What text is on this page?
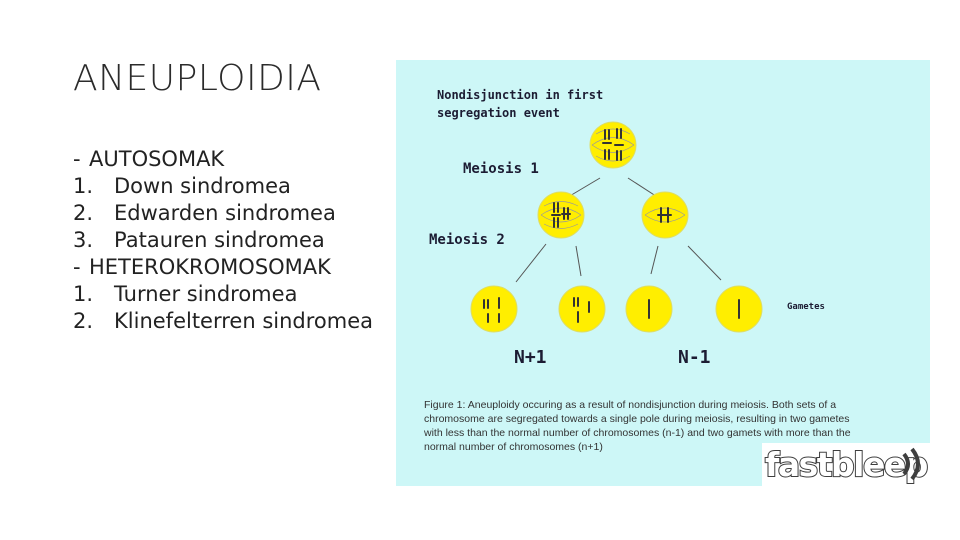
ANEUPLOIDIA
- AUTOSOMAK
1. Down sindromea
2. Edwarden sindromea
3. Patauren sindromea
- HETEROKROMOSOMAK
1. Turner sindromea
2. Klinefelterren sindromea
Nondisjunction in first
segregation event
Meiosis 1
Meiosis 2
Gametes
N+1	N-1
Figure 1: Aneuploidy occuring as a result of nondisjunction during meiosis. Both sets of a chromosome are segregated towards a single pole during meiosis, resulting in two gametes with less than the normal number of chromosomes (n-1) and two gamets with more than the normal number of chromosomes (n+1)	fastbleep
